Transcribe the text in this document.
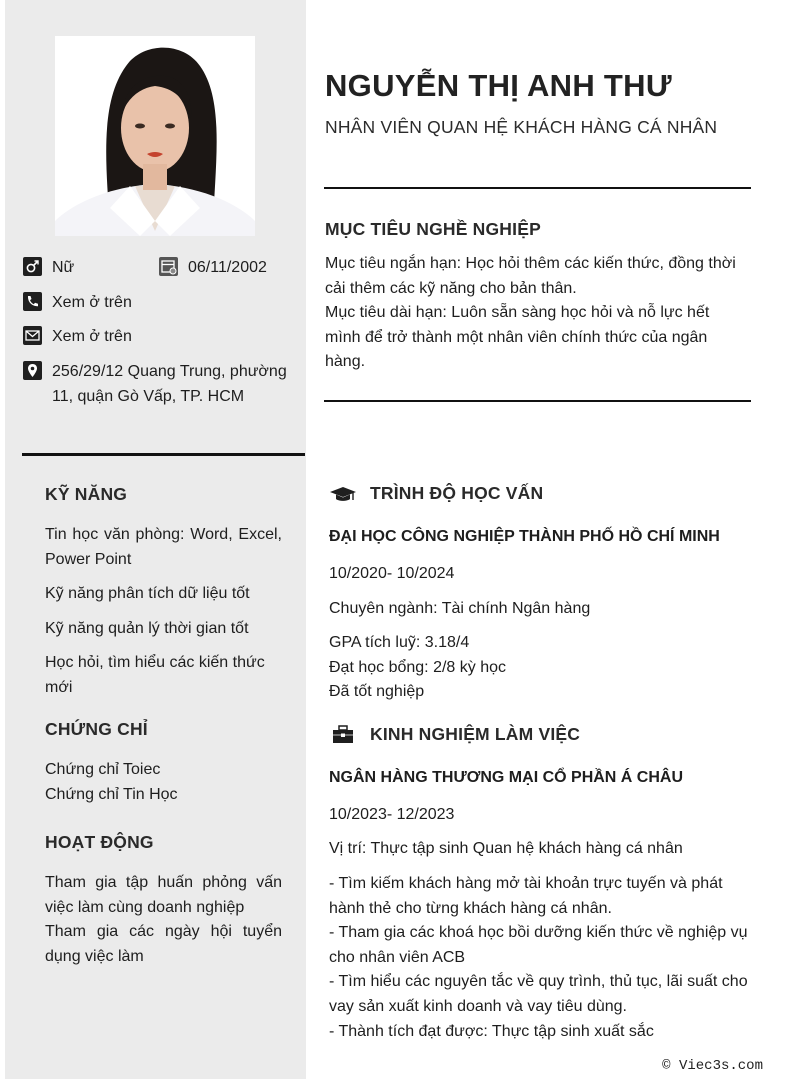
Nữ	06/11/2002
Xem ở trên
Xem ở trên
256/29/12 Quang Trung, phường 11, quận Gò Vấp, TP. HCM
KỸ NĂNG
Tin học văn phòng: Word, Excel, Power Point
Kỹ năng phân tích dữ liệu tốt
Kỹ năng quản lý thời gian tốt
Học hỏi, tìm hiểu các kiến thức mới
CHỨNG CHỈ
Chứng chỉ Toiec
Chứng chỉ Tin Học
HOẠT ĐỘNG
Tham gia tập huấn phỏng vấn việc làm cùng doanh nghiệp
Tham gia các ngày hội tuyển dụng việc làm
NGUYỄN THỊ ANH THƯ
NHÂN VIÊN QUAN HỆ KHÁCH HÀNG CÁ NHÂN
MỤC TIÊU NGHỀ NGHIỆP
Mục tiêu ngắn hạn: Học hỏi thêm các kiến thức, đồng thời cải thêm các kỹ năng cho bản thân.
Mục tiêu dài hạn: Luôn sẵn sàng học hỏi và nỗ lực hết mình để trở thành một nhân viên chính thức của ngân hàng.
TRÌNH ĐỘ HỌC VẤN
ĐẠI HỌC CÔNG NGHIỆP THÀNH PHỐ HỒ CHÍ MINH
10/2020- 10/2024
Chuyên ngành: Tài chính Ngân hàng
GPA tích luỹ: 3.18/4
Đạt học bổng: 2/8 kỳ học
Đã tốt nghiệp
KINH NGHIỆM LÀM VIỆC
NGÂN HÀNG THƯƠNG MẠI CỔ PHẦN Á CHÂU
10/2023- 12/2023
Vị trí: Thực tập sinh Quan hệ khách hàng cá nhân
- Tìm kiếm khách hàng mở tài khoản trực tuyến và phát hành thẻ cho từng khách hàng cá nhân.
- Tham gia các khoá học bồi dưỡng kiến thức về nghiệp vụ cho nhân viên ACB
- Tìm hiểu các nguyên tắc về quy trình, thủ tục, lãi suất cho vay sản xuất kinh doanh và vay tiêu dùng.
- Thành tích đạt được: Thực tập sinh xuất sắc
© Viec3s.com
